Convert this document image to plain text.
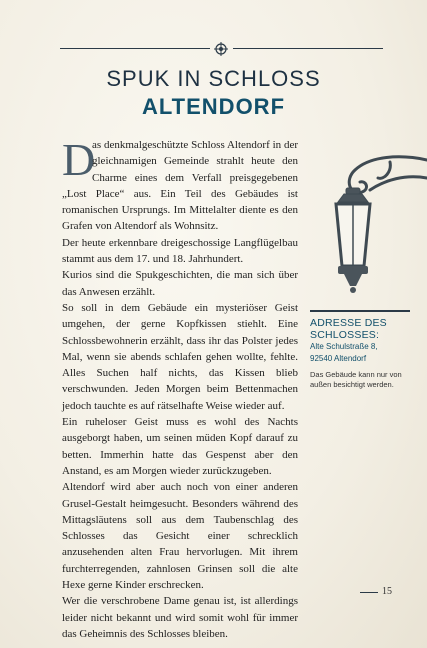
SPUK IN SCHLOSS
ALTENDORF

D
as denkmalgeschützte Schloss Altendorf in der gleichnamigen Gemeinde strahlt heute den Charme eines dem Verfall preisgegebenen „Lost Place“ aus. Ein Teil des Gebäudes ist romanischen Ursprungs. Im Mittelalter diente es den Grafen von Altendorf als Wohnsitz.

Der heute erkennbare dreigeschossige Langflügelbau stammt aus dem 17. und 18. Jahrhundert.

Kurios sind die Spukgeschichten, die man sich über das Anwesen erzählt.

So soll in dem Gebäude ein mysteriöser Geist umgehen, der gerne Kopfkissen stiehlt. Eine Schlossbewohnerin erzählt, dass ihr das Polster jedes Mal, wenn sie abends schlafen gehen wollte, fehlte. Alles Suchen half nichts, das Kissen blieb verschwunden. Jeden Morgen beim Bettenmachen jedoch tauchte es auf rätselhafte Weise wieder auf.

Ein ruheloser Geist muss es wohl des Nachts ausgeborgt haben, um seinen müden Kopf darauf zu betten. Immerhin hatte das Gespenst aber den Anstand, es am Morgen wieder zurückzugeben.

Altendorf wird aber auch noch von einer anderen Grusel-Gestalt heimgesucht. Besonders während des Mittagsläutens soll aus dem Taubenschlag des Schlosses das Gesicht einer schrecklich anzusehenden alten Frau hervorlugen. Mit ihrem furchterregenden, zahnlosen Grinsen soll die alte Hexe gerne Kinder erschrecken.

Wer die verschrobene Dame genau ist, ist allerdings leider nicht bekannt und wird somit wohl für immer das Geheimnis des Schlosses bleiben.

ADRESSE DES
SCHLOSSES:
Alte Schulstraße 8,
92540 Altendorf
Das Gebäude kann nur von außen besichtigt werden.
15
